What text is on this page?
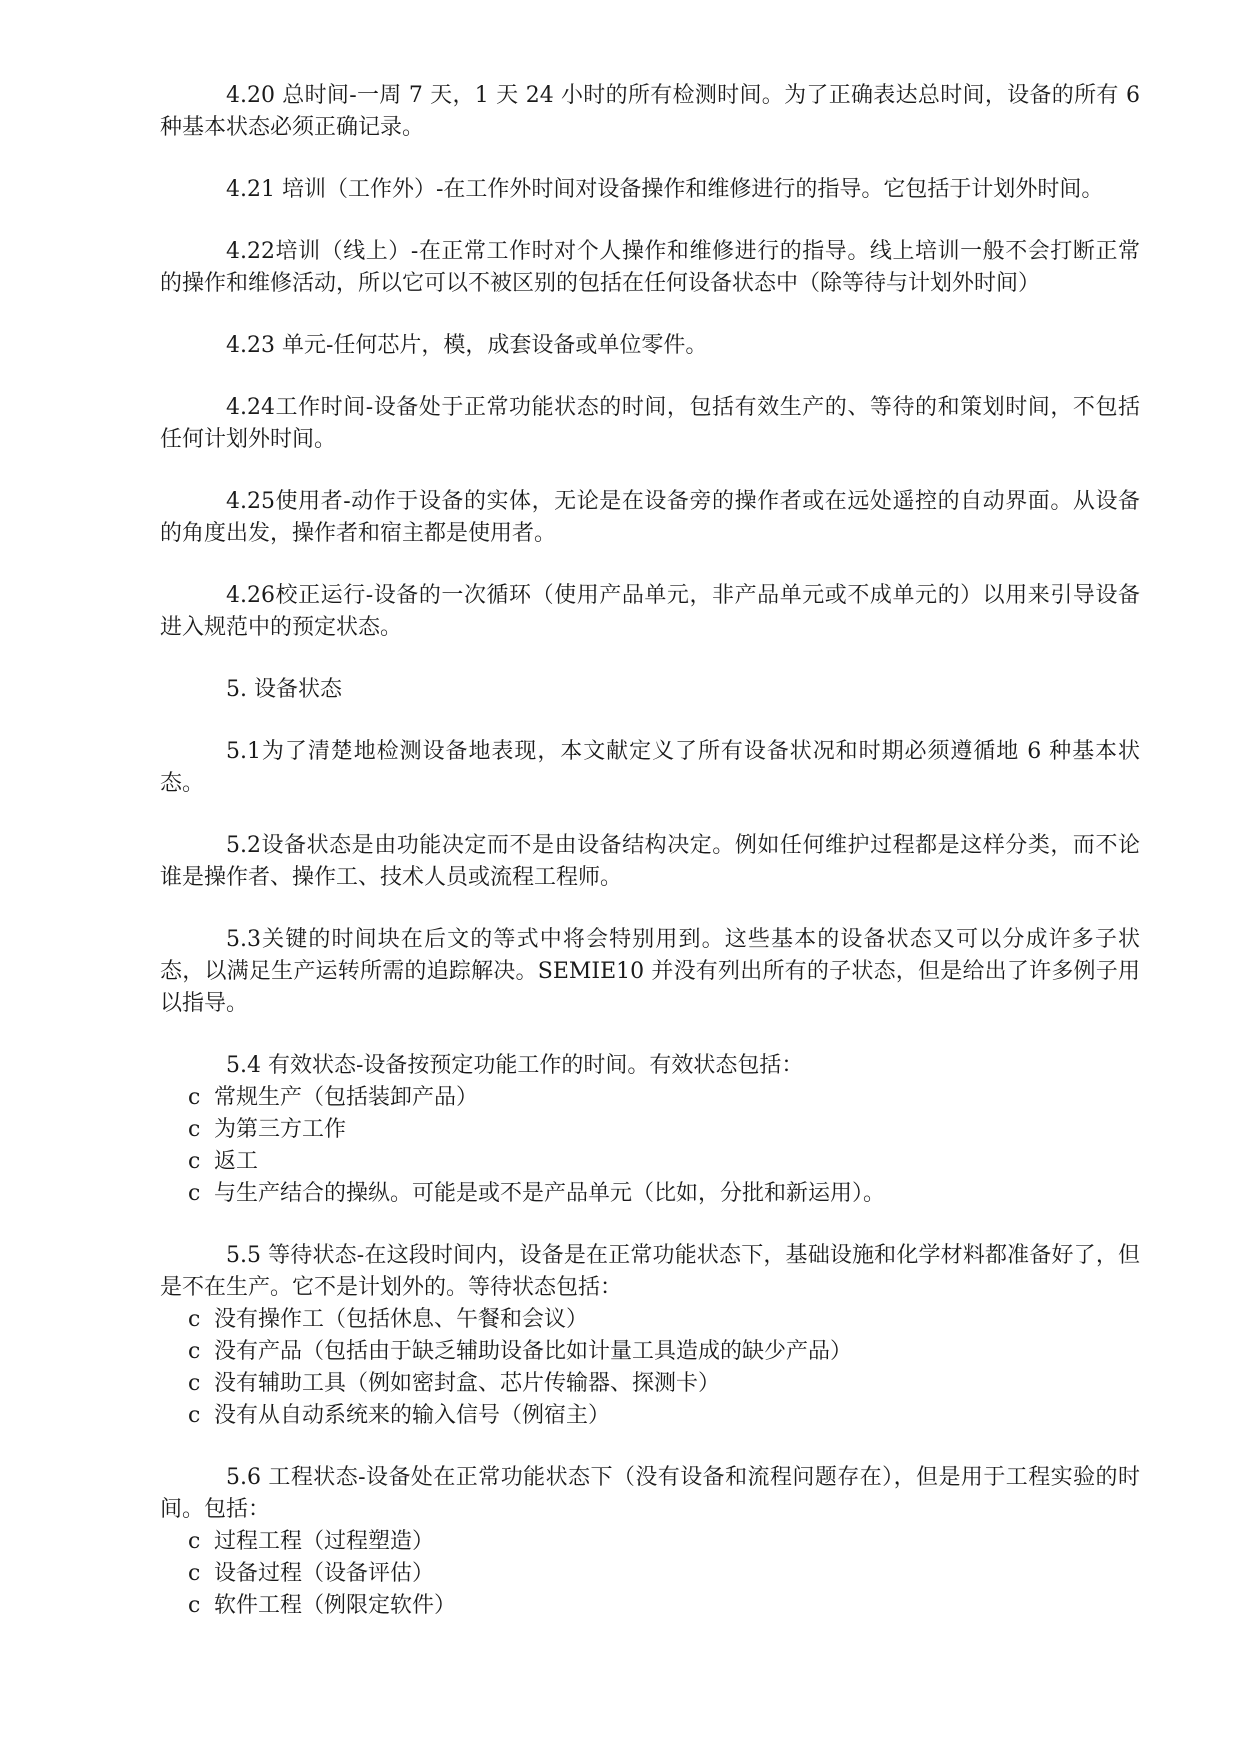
4.20 总时间-一周 7 天，1 天 24 小时的所有检测时间。为了正确表达总时间，设备的所有 6 种基本状态必须正确记录。

4.21 培训（工作外）-在工作外时间对设备操作和维修进行的指导。它包括于计划外时间。

4.22培训（线上）-在正常工作时对个人操作和维修进行的指导。线上培训一般不会打断正常的操作和维修活动，所以它可以不被区别的包括在任何设备状态中（除等待与计划外时间）

4.23 单元-任何芯片，模，成套设备或单位零件。

4.24工作时间-设备处于正常功能状态的时间，包括有效生产的、等待的和策划时间，不包括任何计划外时间。

4.25使用者-动作于设备的实体，无论是在设备旁的操作者或在远处遥控的自动界面。从设备的角度出发，操作者和宿主都是使用者。

4.26校正运行-设备的一次循环（使用产品单元，非产品单元或不成单元的）以用来引导设备进入规范中的预定状态。

5. 设备状态

5.1为了清楚地检测设备地表现，本文献定义了所有设备状况和时期必须遵循地 6 种基本状态。

5.2设备状态是由功能决定而不是由设备结构决定。例如任何维护过程都是这样分类，而不论谁是操作者、操作工、技术人员或流程工程师。

5.3关键的时间块在后文的等式中将会特别用到。这些基本的设备状态又可以分成许多子状态，以满足生产运转所需的追踪解决。SEMIE10 并没有列出所有的子状态，但是给出了许多例子用以指导。

5.4 有效状态-设备按预定功能工作的时间。有效状态包括：

c 常规生产（包括装卸产品）
c 为第三方工作
c 返工
c 与生产结合的操纵。可能是或不是产品单元（比如，分批和新运用）。

5.5 等待状态-在这段时间内，设备是在正常功能状态下，基础设施和化学材料都准备好了，但是不在生产。它不是计划外的。等待状态包括：

c 没有操作工（包括休息、午餐和会议）
c 没有产品（包括由于缺乏辅助设备比如计量工具造成的缺少产品）
c 没有辅助工具（例如密封盒、芯片传输器、探测卡）
c 没有从自动系统来的输入信号（例宿主）

5.6 工程状态-设备处在正常功能状态下（没有设备和流程问题存在），但是用于工程实验的时间。包括：

c 过程工程（过程塑造）
c 设备过程（设备评估）
c 软件工程（例限定软件）
